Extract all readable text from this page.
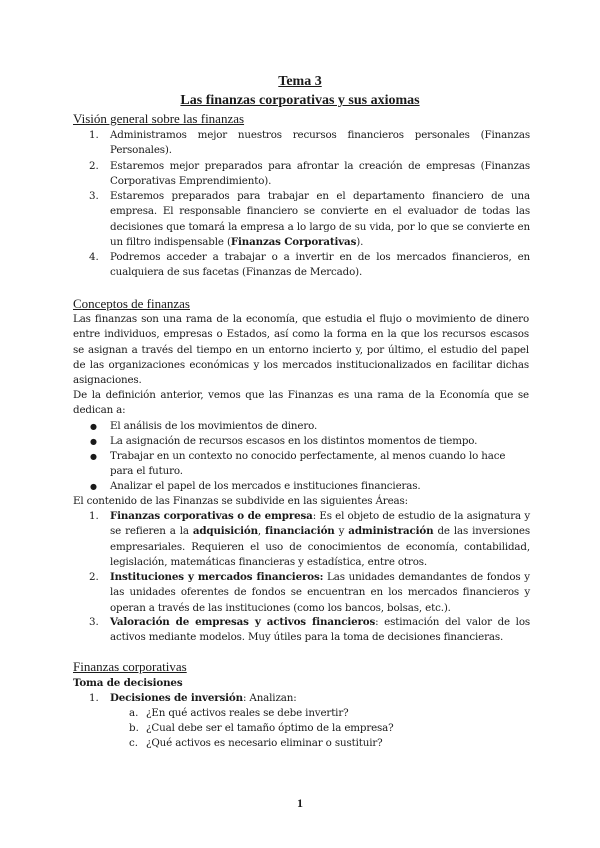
Tema 3
Las finanzas corporativas y sus axiomas
Visión general sobre las finanzas
1. Administramos mejor nuestros recursos financieros personales (Finanzas Personales).
2. Estaremos mejor preparados para afrontar la creación de empresas (Finanzas Corporativas Emprendimiento).
3. Estaremos preparados para trabajar en el departamento financiero de una empresa. El responsable financiero se convierte en el evaluador de todas las decisiones que tomará la empresa a lo largo de su vida, por lo que se convierte en un filtro indispensable (Finanzas Corporativas).
4. Podremos acceder a trabajar o a invertir en de los mercados financieros, en cualquiera de sus facetas (Finanzas de Mercado).
Conceptos de finanzas
Las finanzas son una rama de la economía, que estudia el flujo o movimiento de dinero entre individuos, empresas o Estados, así como la forma en la que los recursos escasos se asignan a través del tiempo en un entorno incierto y, por último, el estudio del papel de las organizaciones económicas y los mercados institucionalizados en facilitar dichas asignaciones.
De la definición anterior, vemos que las Finanzas es una rama de la Economía que se dedican a:
● El análisis de los movimientos de dinero.
● La asignación de recursos escasos en los distintos momentos de tiempo.
● Trabajar en un contexto no conocido perfectamente, al menos cuando lo hace para el futuro.
● Analizar el papel de los mercados e instituciones financieras.
El contenido de las Finanzas se subdivide en las siguientes Áreas:
1. Finanzas corporativas o de empresa: Es el objeto de estudio de la asignatura y se refieren a la adquisición, financiación y administración de las inversiones empresariales. Requieren el uso de conocimientos de economía, contabilidad, legislación, matemáticas financieras y estadística, entre otros.
2. Instituciones y mercados financieros: Las unidades demandantes de fondos y las unidades oferentes de fondos se encuentran en los mercados financieros y operan a través de las instituciones (como los bancos, bolsas, etc.).
3. Valoración de empresas y activos financieros: estimación del valor de los activos mediante modelos. Muy útiles para la toma de decisiones financieras.
Finanzas corporativas
Toma de decisiones
1. Decisiones de inversión: Analizan:
a. ¿En qué activos reales se debe invertir?
b. ¿Cual debe ser el tamaño óptimo de la empresa?
c. ¿Qué activos es necesario eliminar o sustituir?
1
